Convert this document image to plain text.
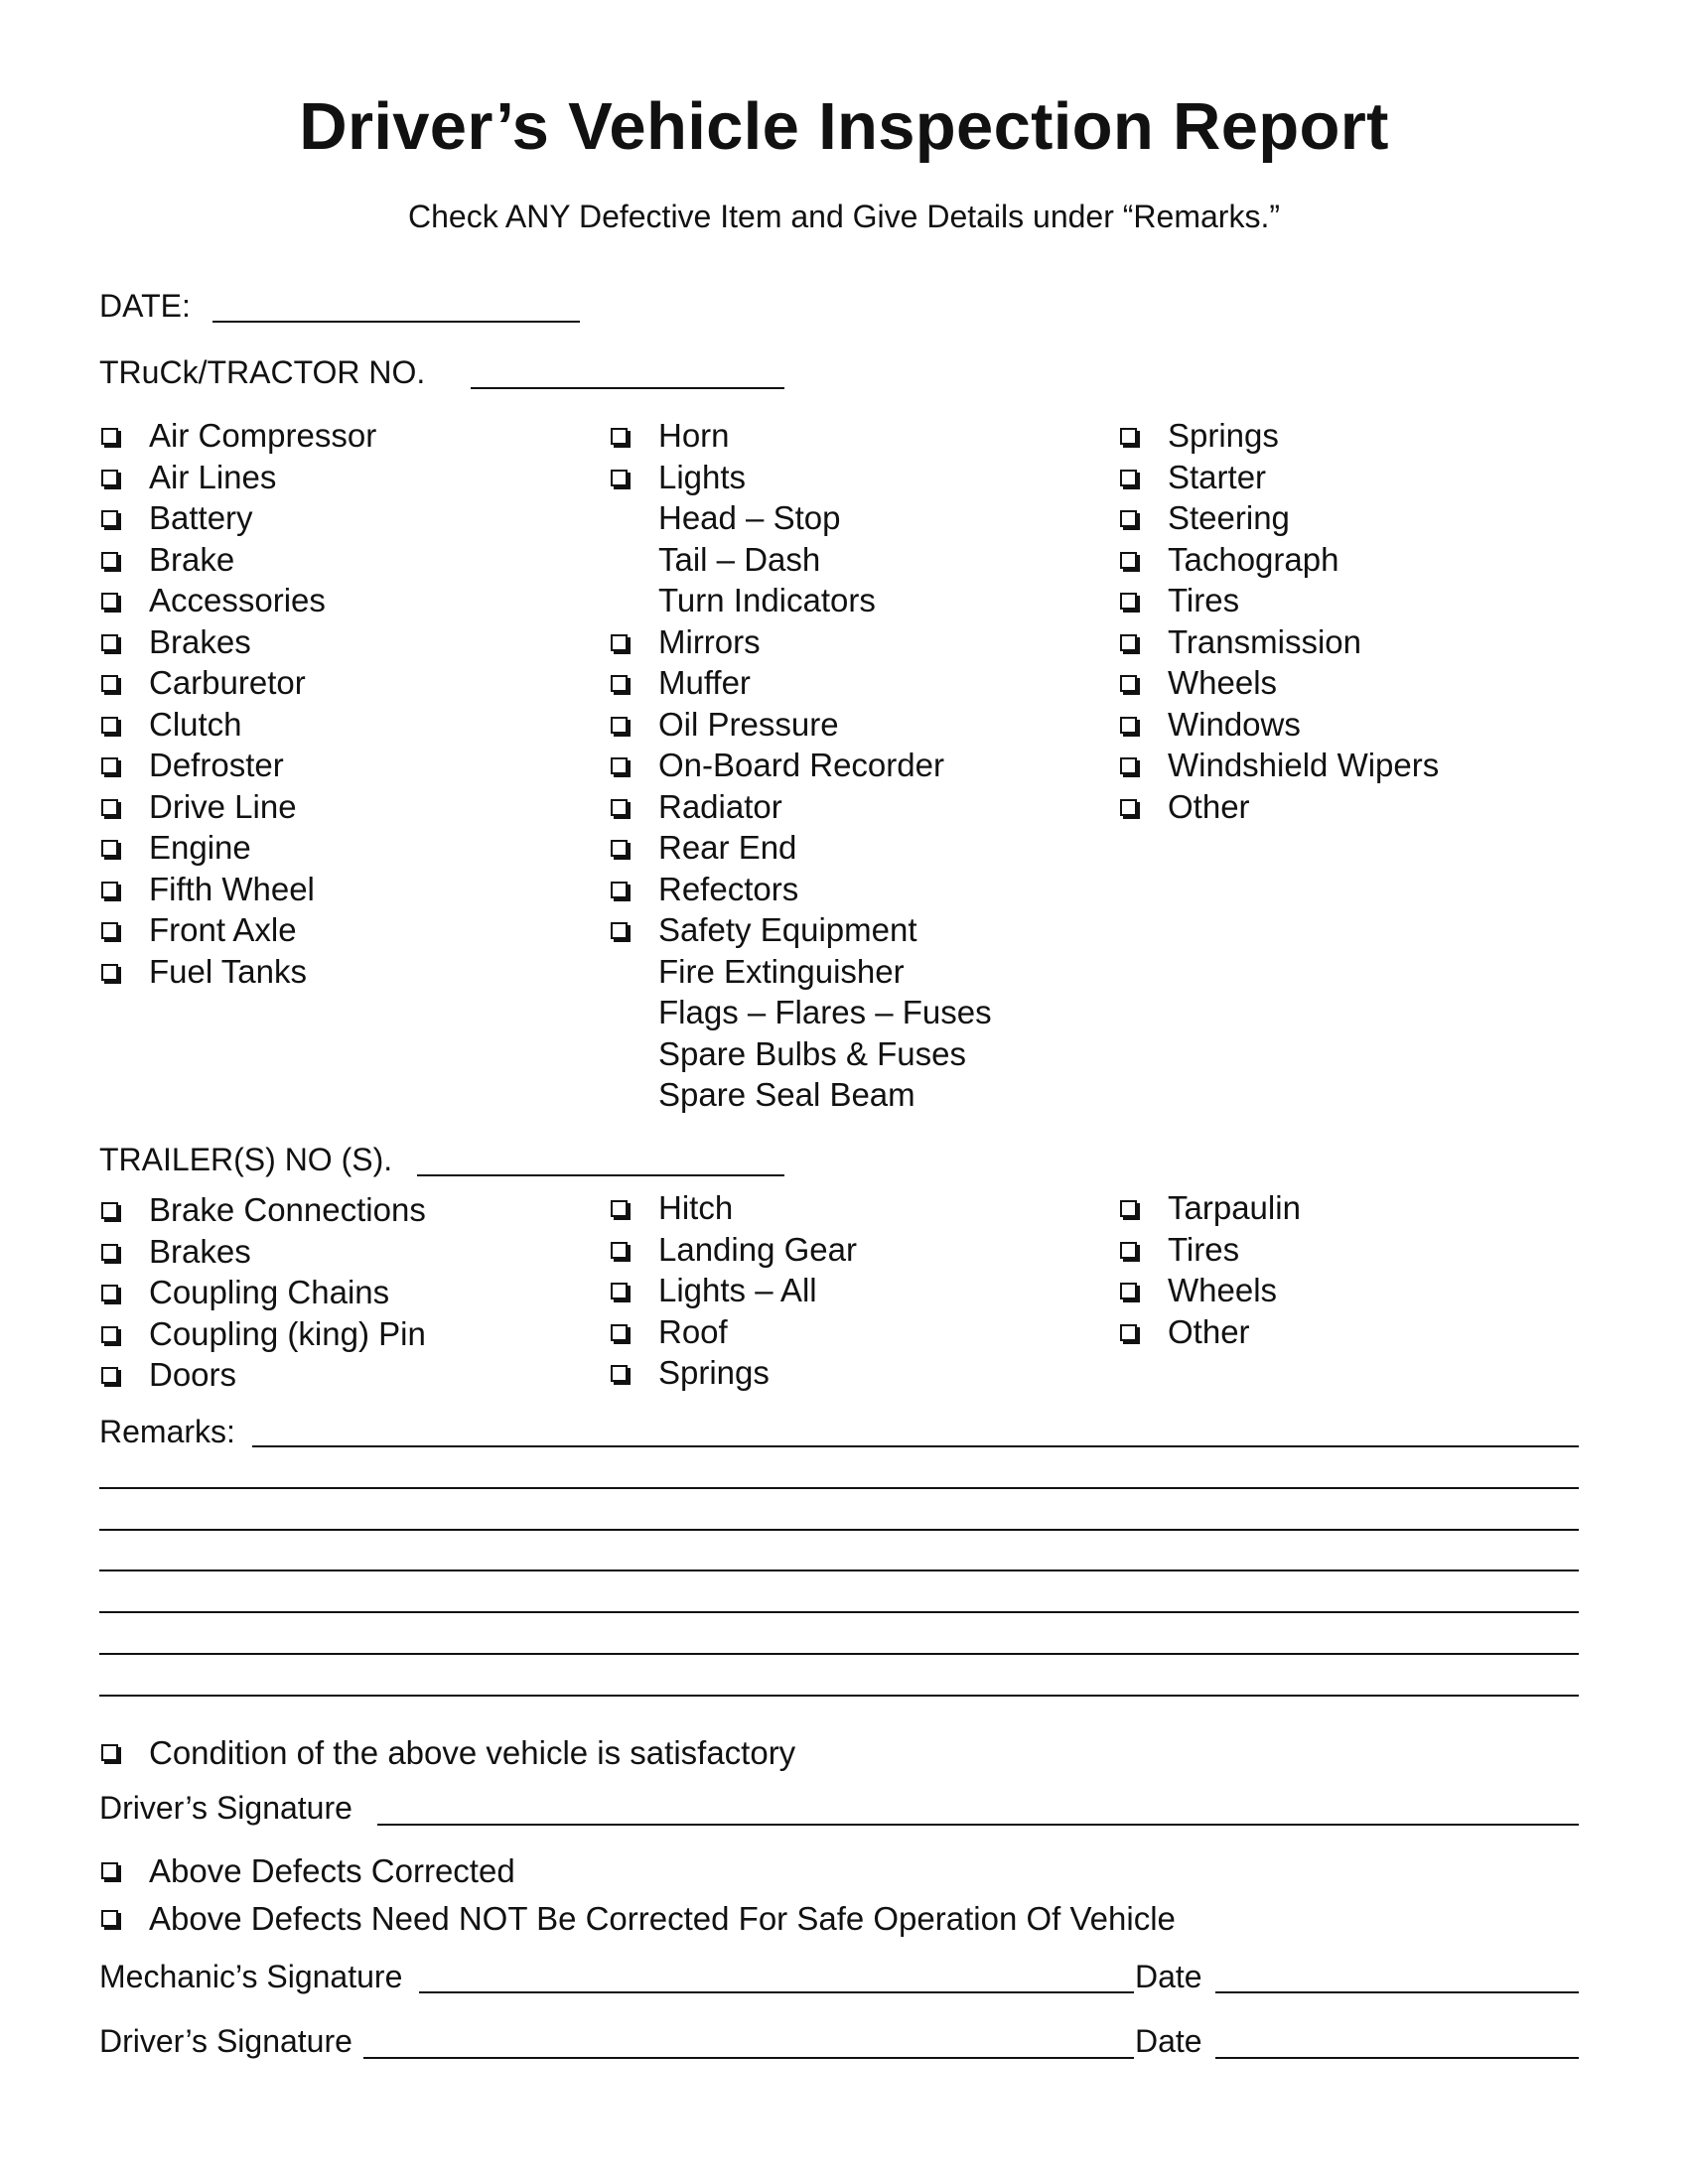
Driver’s Vehicle Inspection Report
Check ANY Defective Item and Give Details under “Remarks.”
DATE:
TRuCk/TRACTOR NO.
Air Compressor
Air Lines
Battery
Brake
Accessories
Brakes
Carburetor
Clutch
Defroster
Drive Line
Engine
Fifth Wheel
Front Axle
Fuel Tanks
Horn
Lights
Head – Stop
Tail – Dash
Turn Indicators
Mirrors
Muffer
Oil Pressure
On-Board Recorder
Radiator
Rear End
Refectors
Safety Equipment
Fire Extinguisher
Flags – Flares – Fuses
Spare Bulbs & Fuses
Spare Seal Beam
Springs
Starter
Steering
Tachograph
Tires
Transmission
Wheels
Windows
Windshield Wipers
Other
TRAILER(S) NO (S).
Brake Connections
Brakes
Coupling Chains
Coupling (king) Pin
Doors
Hitch
Landing Gear
Lights – All
Roof
Springs
Tarpaulin
Tires
Wheels
Other
Remarks:
Condition of the above vehicle is satisfactory
Driver’s Signature
Above Defects Corrected
Above Defects Need NOT Be Corrected For Safe Operation Of Vehicle
Mechanic’s Signature	Date
Driver’s Signature	Date
